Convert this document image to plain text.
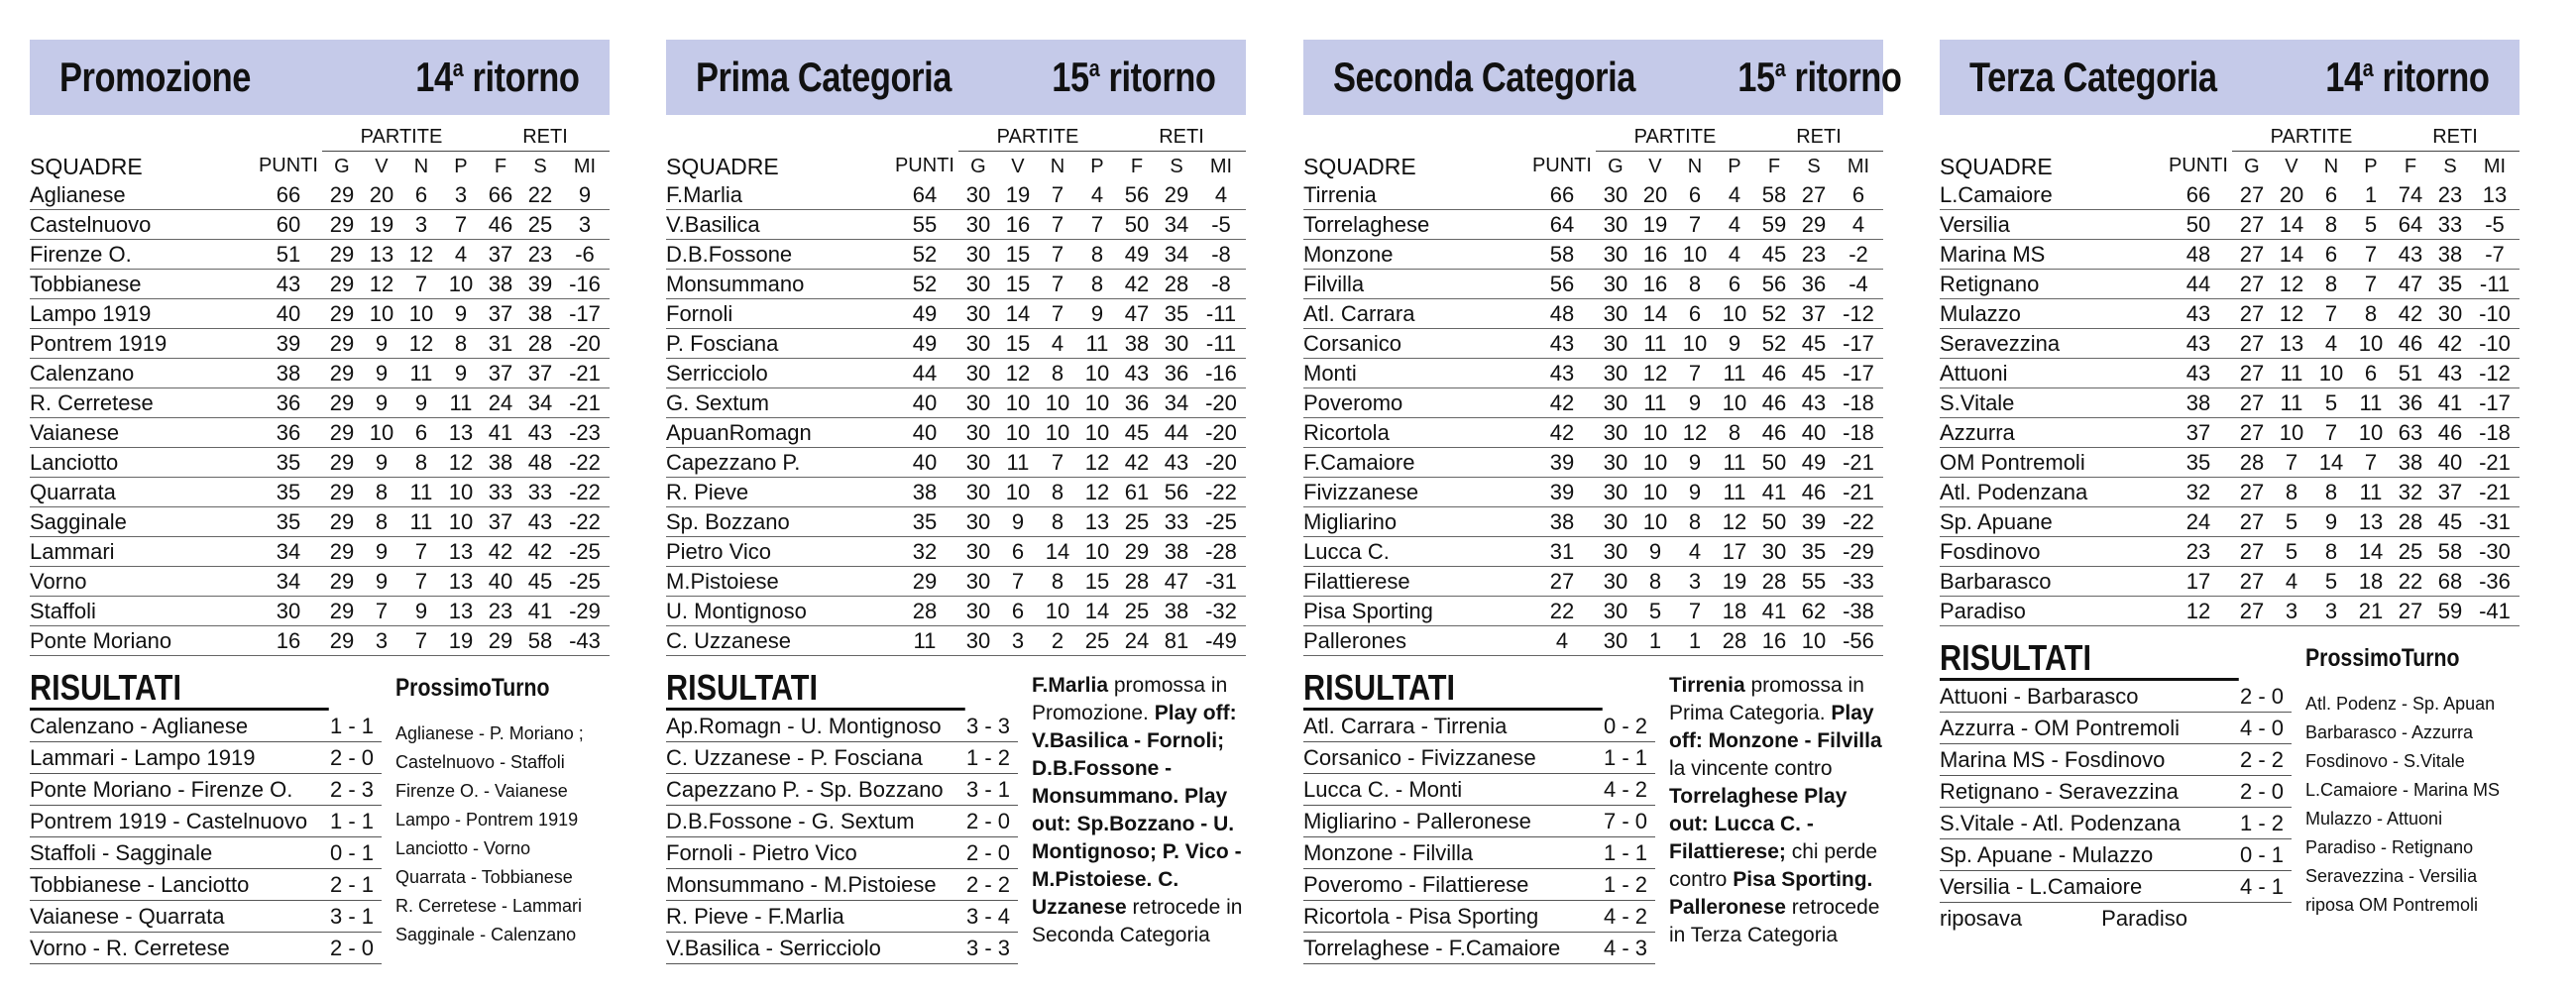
Promozione	14$^a$ ritorno
		PARTITE				RETI		
SQUADRE	PUNTI	G	V	N	P	F	S	MI
Aglianese	66	29	20	6	3	66	22	9
Castelnuovo	60	29	19	3	7	46	25	3
Firenze O.	51	29	13	12	4	37	23	-6
Tobbianese	43	29	12	7	10	38	39	-16
Lampo 1919	40	29	10	10	9	37	38	-17
Pontrem 1919	39	29	9	12	8	31	28	-20
Calenzano	38	29	9	11	9	37	37	-21
R. Cerretese	36	29	9	9	11	24	34	-21
Vaianese	36	29	10	6	13	41	43	-23
Lanciotto	35	29	9	8	12	38	48	-22
Quarrata	35	29	8	11	10	33	33	-22
Sagginale	35	29	8	11	10	37	43	-22
Lammari	34	29	9	7	13	42	42	-25
Vorno	34	29	9	7	13	40	45	-25
Staffoli	30	29	7	9	13	23	41	-29
Ponte Moriano	16	29	3	7	19	29	58	-43
RISULTATI
Calenzano - Aglianese	1 - 1
Lammari - Lampo 1919	2 - 0
Ponte Moriano - Firenze O.	2 - 3
Pontrem 1919 - Castelnuovo	1 - 1
Staffoli - Sagginale	0 - 1
Tobbianese - Lanciotto	2 - 1
Vaianese - Quarrata	3 - 1
Vorno - R. Cerretese	2 - 0
ProssimoTurno
Aglianese - P. Moriano ;
Castelnuovo - Staffoli
Firenze O. - Vaianese
Lampo - Pontrem 1919
Lanciotto - Vorno
Quarrata - Tobbianese
R. Cerretese - Lammari
Sagginale - Calenzano
Prima Categoria 15$^a$ ritorno
		PARTITE				RETI		
SQUADRE	PUNTI	G	V	N	P	F	S	MI
F.Marlia	64	30	19	7	4	56	29	4
V.Basilica	55	30	16	7	7	50	34	-5
D.B.Fossone	52	30	15	7	8	49	34	-8
Monsummano	52	30	15	7	8	42	28	-8
Fornoli	49	30	14	7	9	47	35	-11
P. Fosciana	49	30	15	4	11	38	30	-11
Serricciolo	44	30	12	8	10	43	36	-16
G. Sextum	40	30	10	10	10	36	34	-20
ApuanRomagn	40	30	10	10	10	45	44	-20
Capezzano P.	40	30	11	7	12	42	43	-20
R. Pieve	38	30	10	8	12	61	56	-22
Sp. Bozzano	35	30	9	8	13	25	33	-25
Pietro Vico	32	30	6	14	10	29	38	-28
M.Pistoiese	29	30	7	8	15	28	47	-31
U. Montignoso	28	30	6	10	14	25	38	-32
C. Uzzanese	11	30	3	2	25	24	81	-49
RISULTATI
Ap.Romagn - U. Montignoso	3 - 3
C. Uzzanese - P. Fosciana	1 - 2
Capezzano P. - Sp. Bozzano	3 - 1
D.B.Fossone - G. Sextum	2 - 0
Fornoli - Pietro Vico	2 - 0
Monsummano - M.Pistoiese	2 - 2
R. Pieve - F.Marlia	3 - 4
V.Basilica - Serricciolo	3 - 3
F.Marlia promossa in Promozione. Play off: V.Basilica - Fornoli; D.B.Fossone - Monsummano. Play out: Sp.Bozzano - U. Montignoso; P. Vico - M.Pistoiese. C. Uzzanese retrocede in Seconda Categoria
Seconda Categoria 15$^a$ ritorno
		PARTITE				RETI		
SQUADRE	PUNTI	G	V	N	P	F	S	MI
Tirrenia	66	30	20	6	4	58	27	6
Torrelaghese	64	30	19	7	4	59	29	4
Monzone	58	30	16	10	4	45	23	-2
Filvilla	56	30	16	8	6	56	36	-4
Atl. Carrara	48	30	14	6	10	52	37	-12
Corsanico	43	30	11	10	9	52	45	-17
Monti	43	30	12	7	11	46	45	-17
Poveromo	42	30	11	9	10	46	43	-18
Ricortola	42	30	10	12	8	46	40	-18
F.Camaiore	39	30	10	9	11	50	49	-21
Fivizzanese	39	30	10	9	11	41	46	-21
Migliarino	38	30	10	8	12	50	39	-22
Lucca C.	31	30	9	4	17	30	35	-29
Filattierese	27	30	8	3	19	28	55	-33
Pisa Sporting	22	30	5	7	18	41	62	-38
Pallerones	4	30	1	1	28	16	10	-56
RISULTATI
Atl. Carrara - Tirrenia	0 - 2
Corsanico - Fivizzanese	1 - 1
Lucca C. - Monti	4 - 2
Migliarino - Palleronese	7 - 0
Monzone - Filvilla	1 - 1
Poveromo - Filattierese	1 - 2
Ricortola - Pisa Sporting	4 - 2
Torrelaghese - F.Camaiore	4 - 3
Tirrenia promossa in Prima Categoria. Play off: Monzone - Filvilla la vincente contro Torrelaghese Play out: Lucca C. - Filattierese; chi perde contro Pisa Sporting. Palleronese retrocede in Terza Categoria
Terza Categoria	14$^a$ ritorno
		PARTITE				RETI		
SQUADRE	PUNTI	G	V	N	P	F	S	MI
L.Camaiore	66	27	20	6	1	74	23	13
Versilia	50	27	14	8	5	64	33	-5
Marina MS	48	27	14	6	7	43	38	-7
Retignano	44	27	12	8	7	47	35	-11
Mulazzo	43	27	12	7	8	42	30	-10
Seravezzina	43	27	13	4	10	46	42	-10
Attuoni	43	27	11	10	6	51	43	-12
S.Vitale	38	27	11	5	11	36	41	-17
Azzurra	37	27	10	7	10	63	46	-18
OM Pontremoli	35	28	7	14	7	38	40	-21
Atl. Podenzana	32	27	8	8	11	32	37	-21
Sp. Apuane	24	27	5	9	13	28	45	-31
Fosdinovo	23	27	5	8	14	25	58	-30
Barbarasco	17	27	4	5	18	22	68	-36
Paradiso	12	27	3	3	21	27	59	-41
RISULTATI
Attuoni - Barbarasco	2 - 0
Azzurra - OM Pontremoli	4 - 0
Marina MS - Fosdinovo	2 - 2
Retignano - Seravezzina	2 - 0
S.Vitale - Atl. Podenzana	1 - 2
Sp. Apuane - Mulazzo	0 - 1
Versilia - L.Camaiore	4 - 1
riposava Paradiso	
ProssimoTurno
Atl. Podenz - Sp. Apuan
Barbarasco - Azzurra
Fosdinovo - S.Vitale
L.Camaiore - Marina MS
Mulazzo - Attuoni
Paradiso - Retignano
Seravezzina - Versilia
riposa OM Pontremoli
